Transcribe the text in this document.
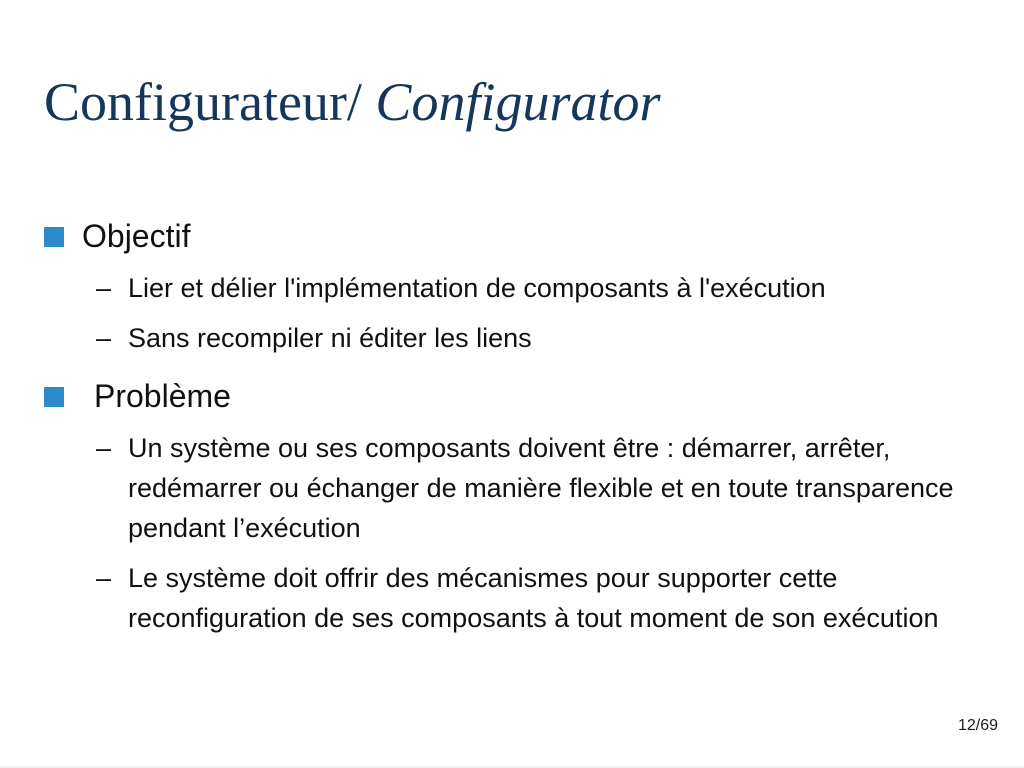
Configurateur/ Configurator
Objectif
– Lier et délier l'implémentation de composants à l'exécution
– Sans recompiler ni éditer les liens
Problème
– Un système ou ses composants doivent être : démarrer, arrêter, redémarrer ou échanger de manière flexible et en toute transparence pendant l’exécution
– Le système doit offrir des mécanismes pour supporter cette reconfiguration de ses composants à tout moment de son exécution
12/69
